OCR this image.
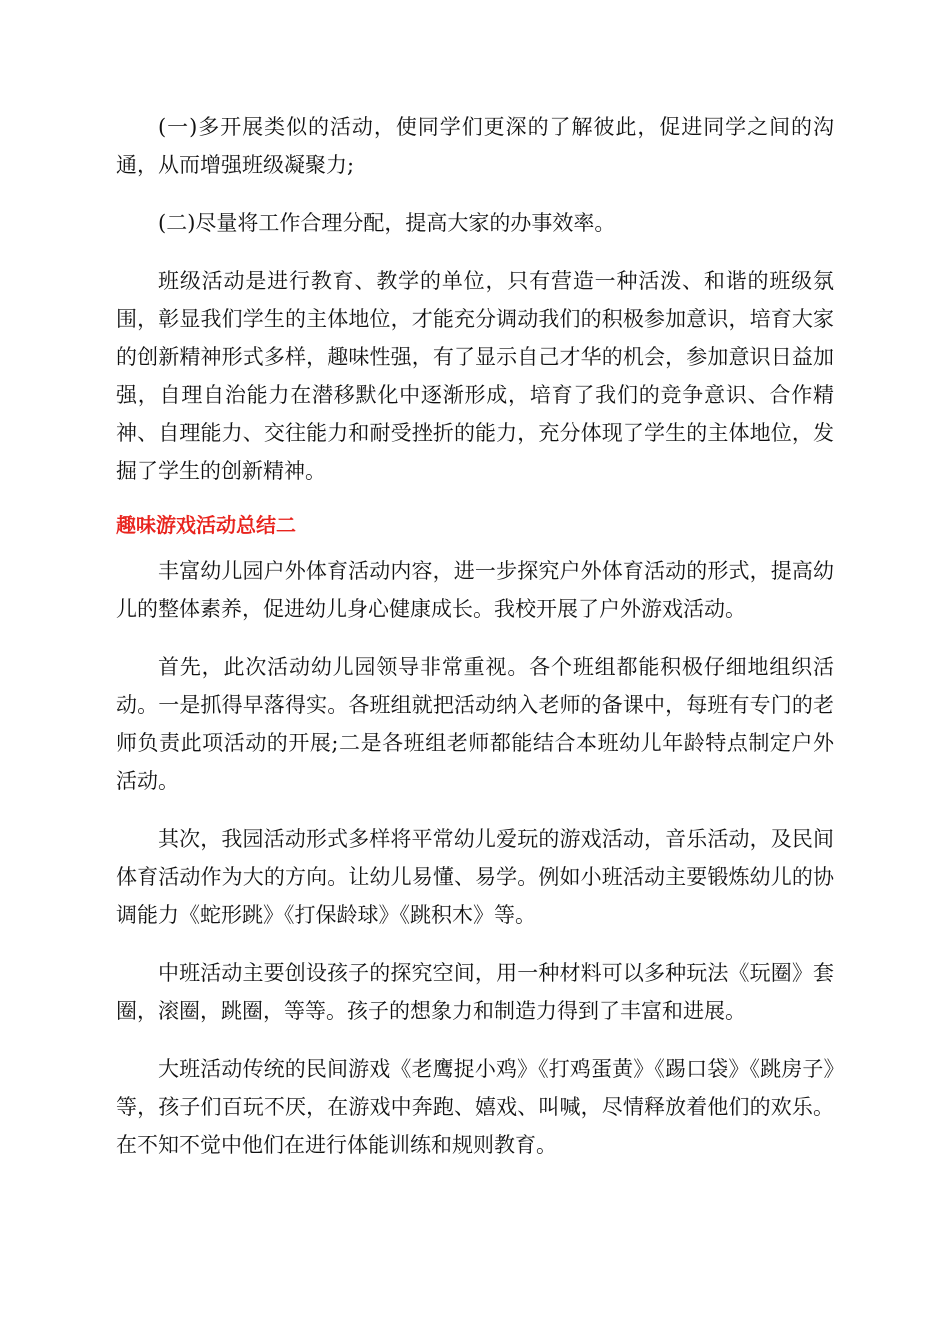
(一)多开展类似的活动，使同学们更深的了解彼此，促进同学之间的沟通，从而增强班级凝聚力;

(二)尽量将工作合理分配，提高大家的办事效率。

班级活动是进行教育、教学的单位，只有营造一种活泼、和谐的班级氛围，彰显我们学生的主体地位，才能充分调动我们的积极参加意识，培育大家的创新精神形式多样，趣味性强，有了显示自己才华的机会，参加意识日益加强，自理自治能力在潜移默化中逐渐形成，培育了我们的竞争意识、合作精神、自理能力、交往能力和耐受挫折的能力，充分体现了学生的主体地位，发掘了学生的创新精神。

趣味游戏活动总结二

丰富幼儿园户外体育活动内容，进一步探究户外体育活动的形式，提高幼儿的整体素养，促进幼儿身心健康成长。我校开展了户外游戏活动。

首先，此次活动幼儿园领导非常重视。各个班组都能积极仔细地组织活动。一是抓得早落得实。各班组就把活动纳入老师的备课中，每班有专门的老师负责此项活动的开展;二是各班组老师都能结合本班幼儿年龄特点制定户外活动。

其次，我园活动形式多样将平常幼儿爱玩的游戏活动，音乐活动，及民间体育活动作为大的方向。让幼儿易懂、易学。例如小班活动主要锻炼幼儿的协调能力《蛇形跳》《打保龄球》《跳积木》等。

中班活动主要创设孩子的探究空间，用一种材料可以多种玩法《玩圈》套圈，滚圈，跳圈，等等。孩子的想象力和制造力得到了丰富和进展。

大班活动传统的民间游戏《老鹰捉小鸡》《打鸡蛋黄》《踢口袋》《跳房子》等，孩子们百玩不厌，在游戏中奔跑、嬉戏、叫喊，尽情释放着他们的欢乐。在不知不觉中他们在进行体能训练和规则教育。
